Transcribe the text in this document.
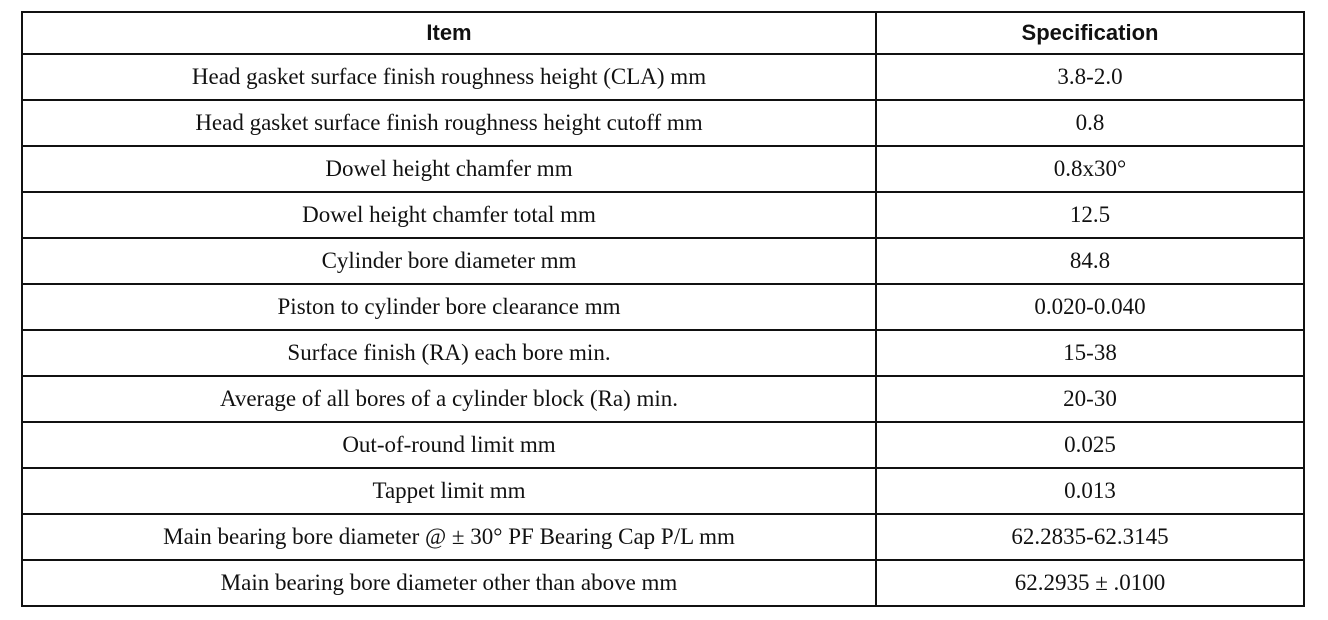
Item	Specification
Head gasket surface finish roughness height (CLA) mm	3.8-2.0
Head gasket surface finish roughness height cutoff mm	0.8
Dowel height chamfer mm	0.8x30°
Dowel height chamfer total mm	12.5
Cylinder bore diameter mm	84.8
Piston to cylinder bore clearance mm	0.020-0.040
Surface finish (RA) each bore min.	15-38
Average of all bores of a cylinder block (Ra) min.	20-30
Out-of-round limit mm	0.025
Tappet limit mm	0.013
Main bearing bore diameter @ ± 30° PF Bearing Cap P/L mm	62.2835-62.3145
Main bearing bore diameter other than above mm	62.2935 ± .0100
